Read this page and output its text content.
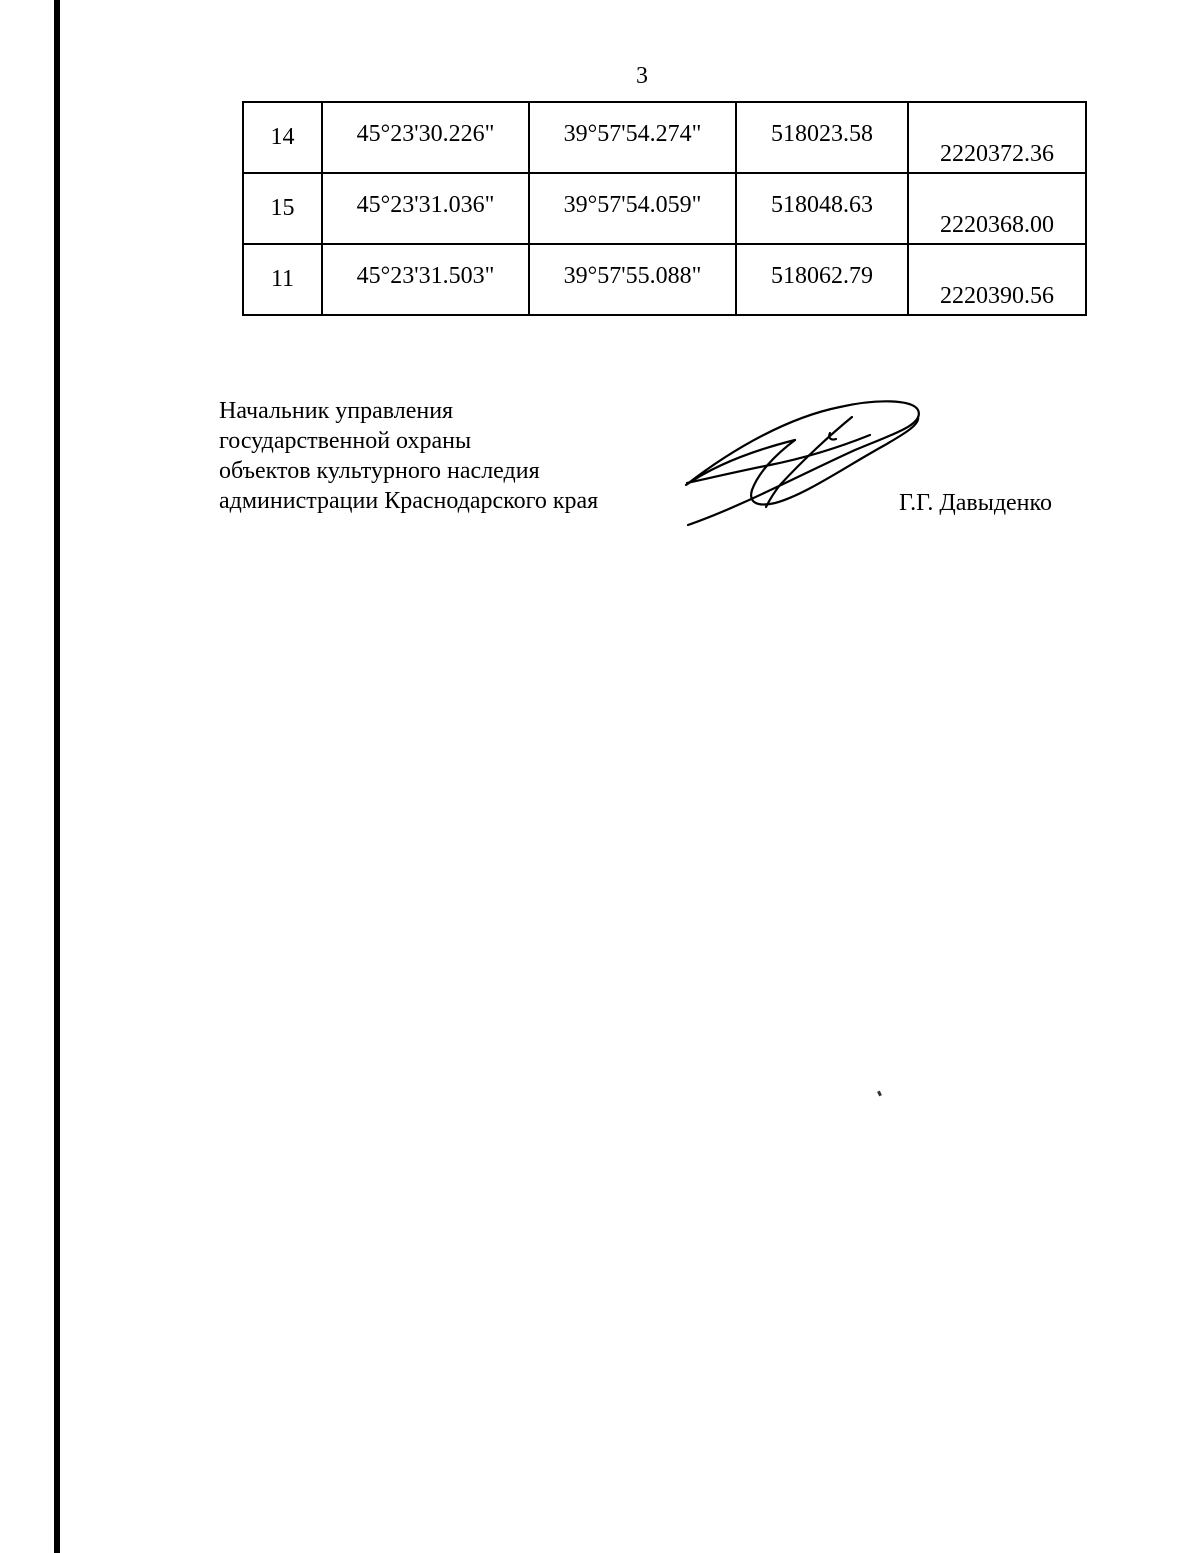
3
14	45°23'30.226"	39°57'54.274"	518023.58	2220372.36
15	45°23'31.036"	39°57'54.059"	518048.63	2220368.00
11	45°23'31.503"	39°57'55.088"	518062.79	2220390.56
Начальник управления
государственной охраны
объектов культурного наследия
администрации Краснодарского края	Г.Г. Давыденко
